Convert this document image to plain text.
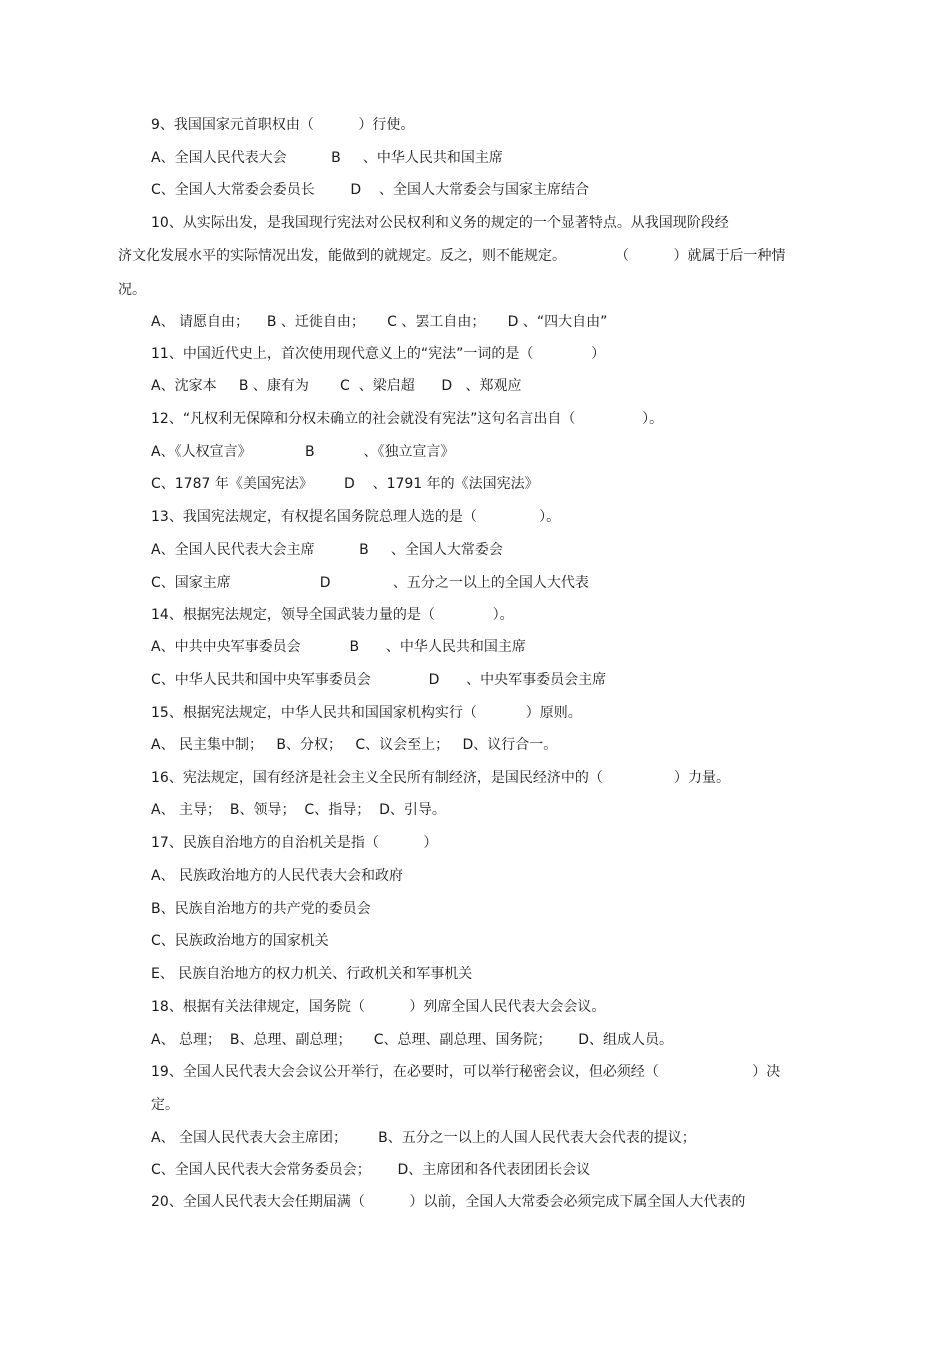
9、我国国家元首职权由（          ）行使。
A、全国人民代表大会          B     、中华人民共和国主席
C、全国人大常委会委员长        D    、全国人大常委会与国家主席结合
10、从实际出发，是我国现行宪法对公民权利和义务的规定的一个显著特点。从我国现阶段经
济文化发展水平的实际情况出发，能做到的就规定。反之，则不能规定。           （          ）就属于后一种情
况。
A、 请愿自由；    B 、迁徙自由；     C 、罢工自由；     D 、“四大自由”
11、中国近代史上，首次使用现代意义上的“宪法”一词的是（             ）
A、沈家本     B 、康有为       C  、梁启超      D   、郑观应
12、“凡权利无保障和分权未确立的社会就没有宪法”这句名言出自（               ）。
A、《人权宣言》            B           、《独立宣言》
C、1787 年《美国宪法》       D    、1791 年的《法国宪法》
13、我国宪法规定，有权提名国务院总理人选的是（              ）。
A、全国人民代表大会主席          B     、全国人大常委会
C、国家主席                    D              、五分之一以上的全国人大代表
14、根据宪法规定，领导全国武装力量的是（             ）。
A、中共中央军事委员会           B      、中华人民共和国主席
C、中华人民共和国中央军事委员会             D      、中央军事委员会主席
15、根据宪法规定，中华人民共和国国家机构实行（           ）原则。
A、 民主集中制；   B、分权；   C、议会至上；   D、议行合一。
16、宪法规定，国有经济是社会主义全民所有制经济，是国民经济中的（                ）力量。
A、 主导；  B、领导；  C、指导；  D、引导。
17、民族自治地方的自治机关是指（          ）
A、 民族政治地方的人民代表大会和政府
B、民族自治地方的共产党的委员会
C、民族政治地方的国家机关
E、 民族自治地方的权力机关、行政机关和军事机关
18、根据有关法律规定，国务院（          ）列席全国人民代表大会会议。
A、 总理；  B、总理、副总理；     C、总理、副总理、国务院；      D、组成人员。
19、全国人民代表大会会议公开举行，在必要时，可以举行秘密会议，但必须经（                     ）决
定。
A、 全国人民代表大会主席团；       B、五分之一以上的人国人民代表大会代表的提议；
C、全国人民代表大会常务委员会；      D、主席团和各代表团团长会议
20、全国人民代表大会任期届满（          ）以前，全国人大常委会必须完成下属全国人大代表的
